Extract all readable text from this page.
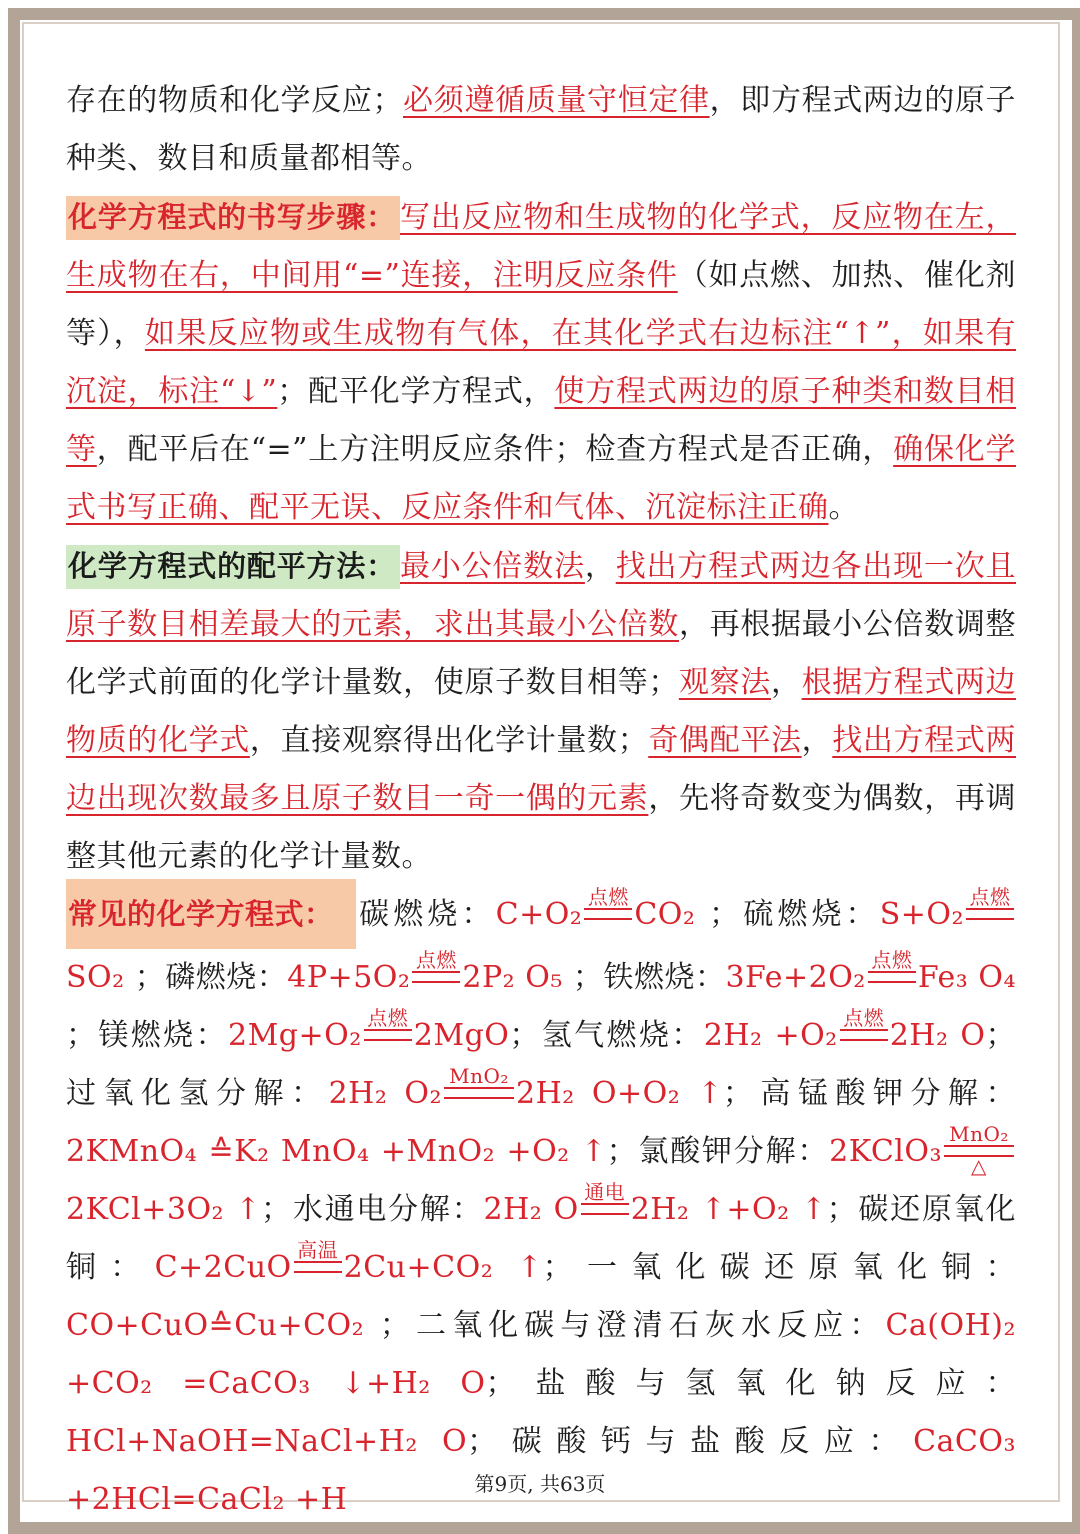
存在的物质和化学反应；必须遵循质量守恒定律，即方程式两边的原子种类、数目和质量都相等。

化学方程式的书写步骤： 写出反应物和生成物的化学式，反应物在左，生成物在右，中间用“=”连接，注明反应条件（如点燃、加热、催化剂等），如果反应物或生成物有气体，在其化学式右边标注“↑”，如果有沉淀，标注“↓”；配平化学方程式，使方程式两边的原子种类和数目相等，配平后在“=”上方注明反应条件；检查方程式是否正确，确保化学式书写正确、配平无误、反应条件和气体、沉淀标注正确。

化学方程式的配平方法： 最小公倍数法，找出方程式两边各出现一次且原子数目相差最大的元素，求出其最小公倍数，再根据最小公倍数调整化学式前面的化学计量数，使原子数目相等；观察法，根据方程式两边物质的化学式，直接观察得出化学计量数；奇偶配平法，找出方程式两边出现次数最多且原子数目一奇一偶的元素，先将奇数变为偶数，再调整其他元素的化学计量数。

常见的化学方程式： 碳燃烧：C+O₂ 点燃 CO₂ ；硫燃烧：S+O₂ 点燃
SO₂ ；磷燃烧：4P+5O₂ 点燃 2P₂ O₅ ；铁燃烧：3Fe+2O₂ 点燃 Fe₃ O₄ ；镁燃烧：2Mg+O₂ 点燃 2MgO；氢气燃烧：2H₂ +O₂ 点燃 2H₂ O；过氧化氢分解：2H₂ O₂ MnO₂ 2H₂ O+O₂ ↑；高锰酸钾分解：2KMnO₄ ≙K₂ MnO₄ +MnO₂ +O₂ ↑；氯酸钾分解：2KClO₃ MnO₂
△
2KCl+3O₂ ↑；水通电分解：2H₂ O 通电 2H₂ ↑+O₂ ↑；碳还原氧化铜：C+2CuO 高温 2Cu+CO₂ ↑；一氧化碳还原氧化铜：CO+CuO≙Cu+CO₂ ；二氧化碳与澄清石灰水反应：Ca(OH)₂ +CO₂ =CaCO₃ ↓+H₂ O；盐酸与氢氧化钠反应：HCl+NaOH=NaCl+H₂ O；碳酸钙与盐酸反应：CaCO₃ +2HCl=CaCl₂ +H	第9页, 共63页
